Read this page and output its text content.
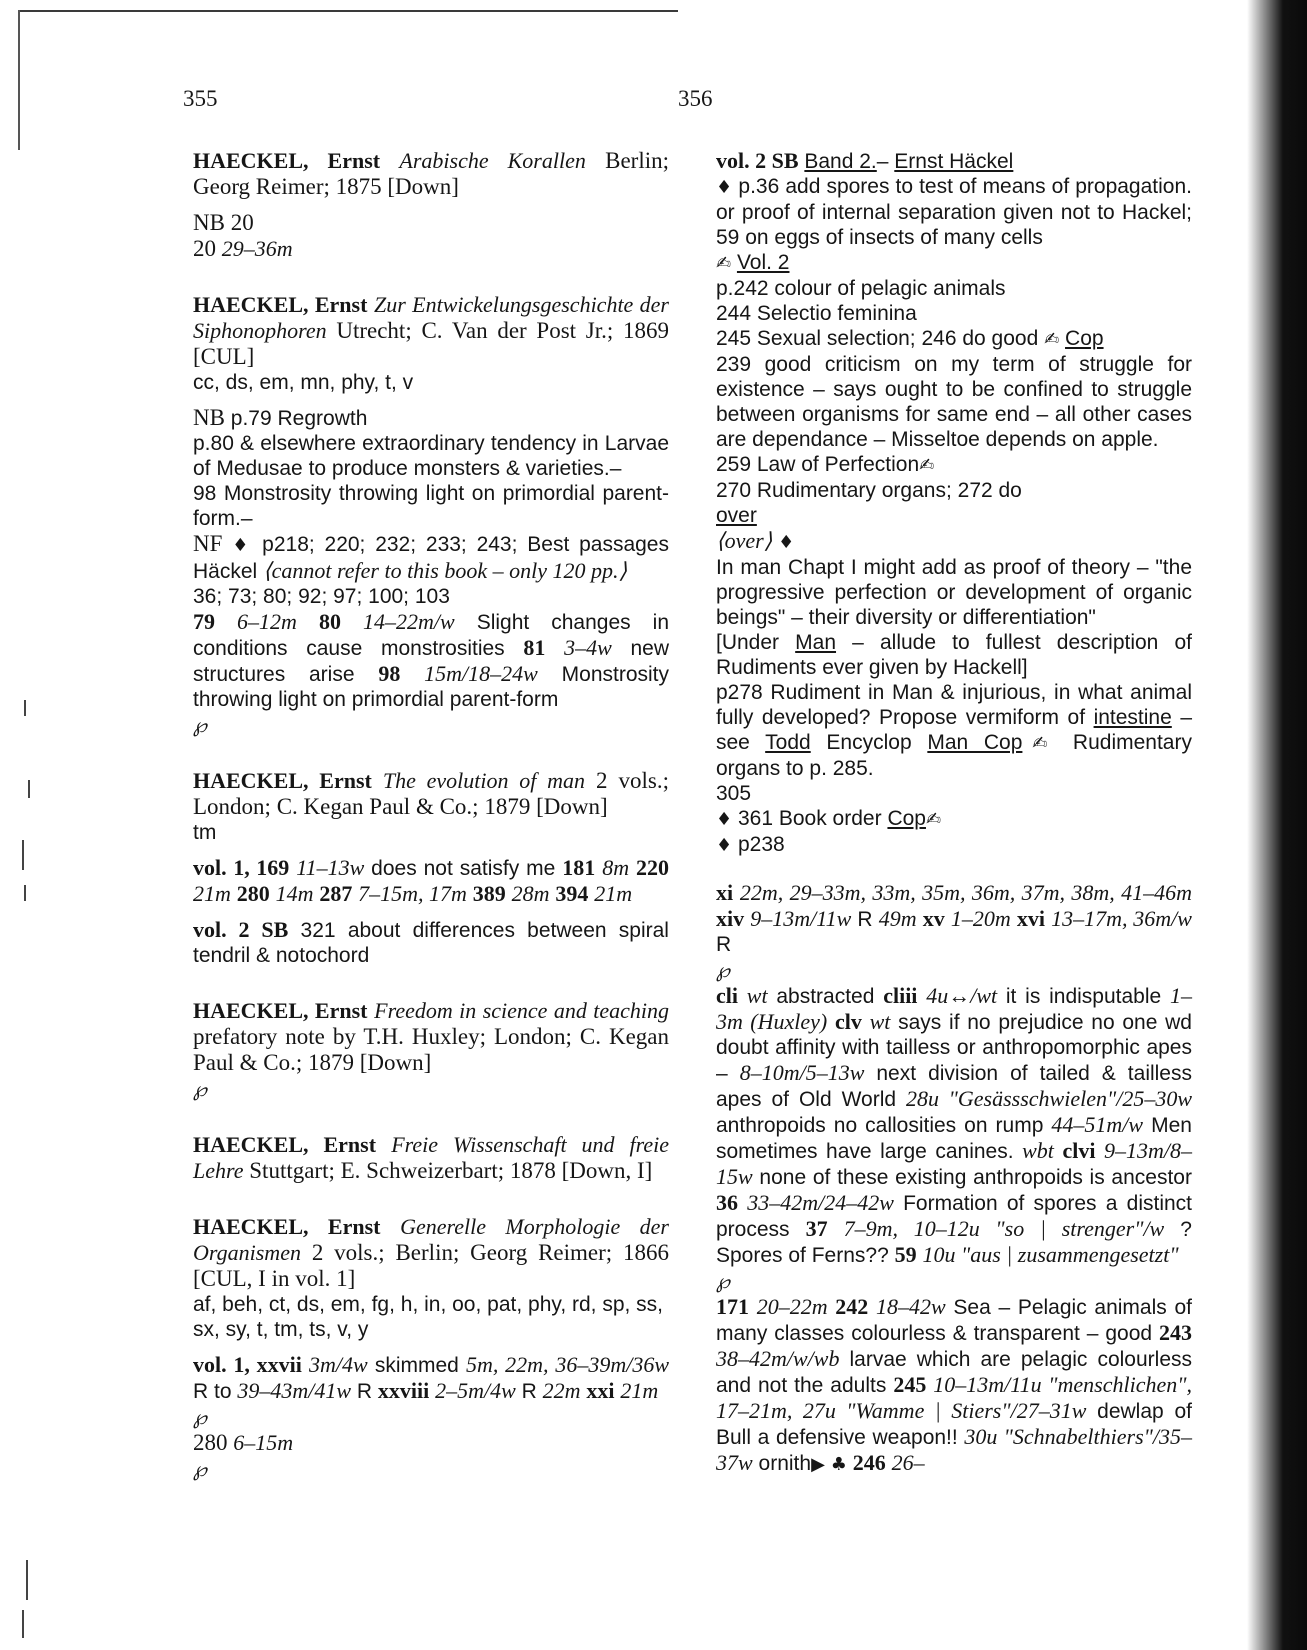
355	356
HAECKEL, Ernst Arabische Korallen Berlin; Georg Reimer; 1875 [Down]
NB 20
20 29–36m
HAECKEL, Ernst Zur Entwickelungsgeschichte der Siphonophoren Utrecht; C. Van der Post Jr.; 1869 [CUL]
cc, ds, em, mn, phy, t, v
NB p.79 Regrowth
p.80 & elsewhere extraordinary tendency in Larvae of Medusae to produce monsters & varieties.–
98 Monstrosity throwing light on primordial parent-form.–
NF ♦ p218; 220; 232; 233; 243; Best passages Häckel ⟨cannot refer to this book – only 120 pp.⟩
36; 73; 80; 92; 97; 100; 103
79 6–12m 80 14–22m/w Slight changes in conditions cause monstrosities 81 3–4w new structures arise 98 15m/18–24w Monstrosity throwing light on primordial parent-form
℘
HAECKEL, Ernst The evolution of man 2 vols.; London; C. Kegan Paul & Co.; 1879 [Down]
tm
vol. 1, 169 11–13w does not satisfy me 181 8m 220 21m 280 14m 287 7–15m, 17m 389 28m 394 21m
vol. 2 SB 321 about differences between spiral tendril & notochord
HAECKEL, Ernst Freedom in science and teaching prefatory note by T.H. Huxley; London; C. Kegan Paul & Co.; 1879 [Down]
℘
HAECKEL, Ernst Freie Wissenschaft und freie Lehre Stuttgart; E. Schweizerbart; 1878 [Down, I]
HAECKEL, Ernst Generelle Morphologie der Organismen 2 vols.; Berlin; Georg Reimer; 1866 [CUL, I in vol. 1]
af, beh, ct, ds, em, fg, h, in, oo, pat, phy, rd, sp, ss, sx, sy, t, tm, ts, v, y
vol. 1, xxvii 3m/4w skimmed 5m, 22m, 36–39m/36w R to 39–43m/41w R xxviii 2–5m/4w R 22m xxi 21m
℘
280 6–15m
℘
vol. 2 SB Band 2.– Ernst Häckel
♦ p.36 add spores to test of means of propagation. or proof of internal separation given not to Hackel; 59 on eggs of insects of many cells
✍ Vol. 2
p.242 colour of pelagic animals
244 Selectio feminina
245 Sexual selection; 246 do good ✍ Cop
239 good criticism on my term of struggle for existence – says ought to be confined to struggle between organisms for same end – all other cases are dependance – Misseltoe depends on apple.
259 Law of Perfection✍
270 Rudimentary organs; 272 do
over
⟨over⟩ ♦
In man Chapt I might add as proof of theory – "the progressive perfection or development of organic beings" – their diversity or differentiation"
[Under Man – allude to fullest description of Rudiments ever given by Hackell]
p278 Rudiment in Man & injurious, in what animal fully developed? Propose vermiform of intestine – see Todd Encyclop Man Cop✍ Rudimentary organs to p. 285.
305
♦ 361 Book order Cop✍
♦ p238
xi 22m, 29–33m, 33m, 35m, 36m, 37m, 38m, 41–46m xiv 9–13m/11w R 49m xv 1–20m xvi 13–17m, 36m/w R
℘
cli wt abstracted cliii 4u↔/wt it is indisputable 1–3m (Huxley) clv wt says if no prejudice no one wd doubt affinity with tailless or anthropomorphic apes – 8–10m/5–13w next division of tailed & tailless apes of Old World 28u "Gesässschwielen"/25–30w anthropoids no callosities on rump 44–51m/w Men sometimes have large canines. wbt clvi 9–13m/8–15w none of these existing anthropoids is ancestor 36 33–42m/24–42w Formation of spores a distinct process 37 7–9m, 10–12u "so | strenger"/w ? Spores of Ferns?? 59 10u "aus | zusammengesetzt"
℘
171 20–22m 242 18–42w Sea – Pelagic animals of many classes colourless & transparent – good 243 38–42m/w/wb larvae which are pelagic colourless and not the adults 245 10–13m/11u "menschlichen", 17–21m, 27u "Wamme | Stiers"/27–31w dewlap of Bull a defensive weapon!! 30u "Schnabelthiers"/35–37w ornith▶ ♣ 246 26–
